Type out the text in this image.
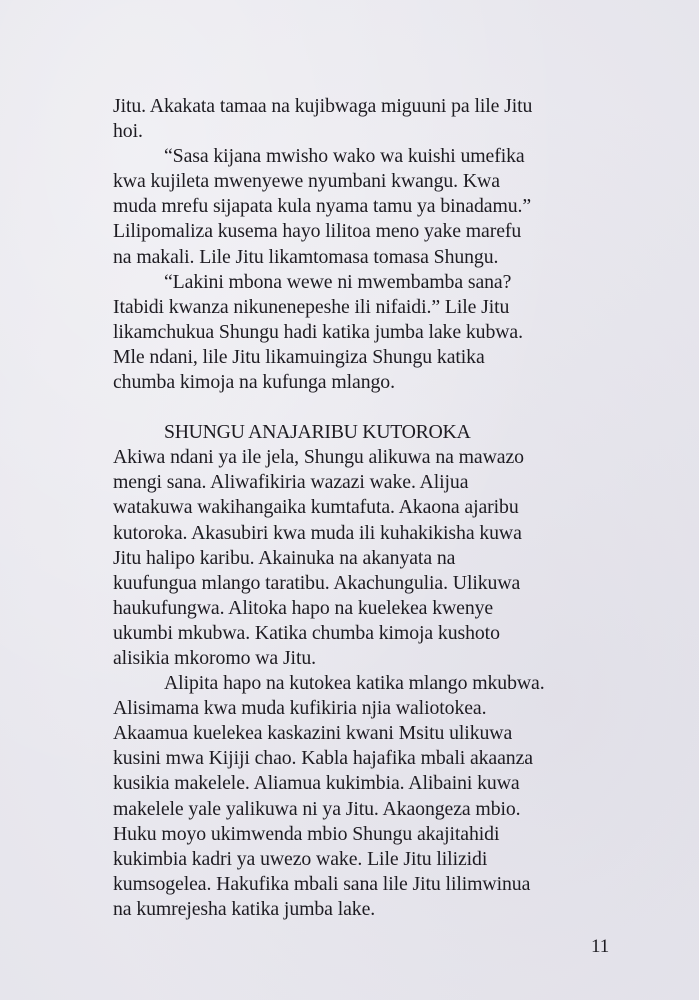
Jitu. Akakata tamaa na kujibwaga miguuni pa lile Jitu
hoi.
“Sasa kijana mwisho wako wa kuishi umefika
kwa kujileta mwenyewe nyumbani kwangu. Kwa
muda mrefu sijapata kula nyama tamu ya binadamu.”
Lilipomaliza kusema hayo lilitoa meno yake marefu
na makali. Lile Jitu likamtomasa tomasa Shungu.
“Lakini mbona wewe ni mwembamba sana?
Itabidi kwanza nikunenepeshe ili nifaidi.” Lile Jitu
likamchukua Shungu hadi katika jumba lake kubwa.
Mle ndani, lile Jitu likamuingiza Shungu katika
chumba kimoja na kufunga mlango.
SHUNGU ANAJARIBU KUTOROKA
Akiwa ndani ya ile jela, Shungu alikuwa na mawazo
mengi sana. Aliwafikiria wazazi wake. Alijua
watakuwa wakihangaika kumtafuta. Akaona ajaribu
kutoroka. Akasubiri kwa muda ili kuhakikisha kuwa
Jitu halipo karibu. Akainuka na akanyata na
kuufungua mlango taratibu. Akachungulia. Ulikuwa
haukufungwa. Alitoka hapo na kuelekea kwenye
ukumbi mkubwa. Katika chumba kimoja kushoto
alisikia mkoromo wa Jitu.
Alipita hapo na kutokea katika mlango mkubwa.
Alisimama kwa muda kufikiria njia waliotokea.
Akaamua kuelekea kaskazini kwani Msitu ulikuwa
kusini mwa Kijiji chao. Kabla hajafika mbali akaanza
kusikia makelele. Aliamua kukimbia. Alibaini kuwa
makelele yale yalikuwa ni ya Jitu. Akaongeza mbio.
Huku moyo ukimwenda mbio Shungu akajitahidi
kukimbia kadri ya uwezo wake. Lile Jitu lilizidi
kumsogelea. Hakufika mbali sana lile Jitu lilimwinua
na kumrejesha katika jumba lake.
11
